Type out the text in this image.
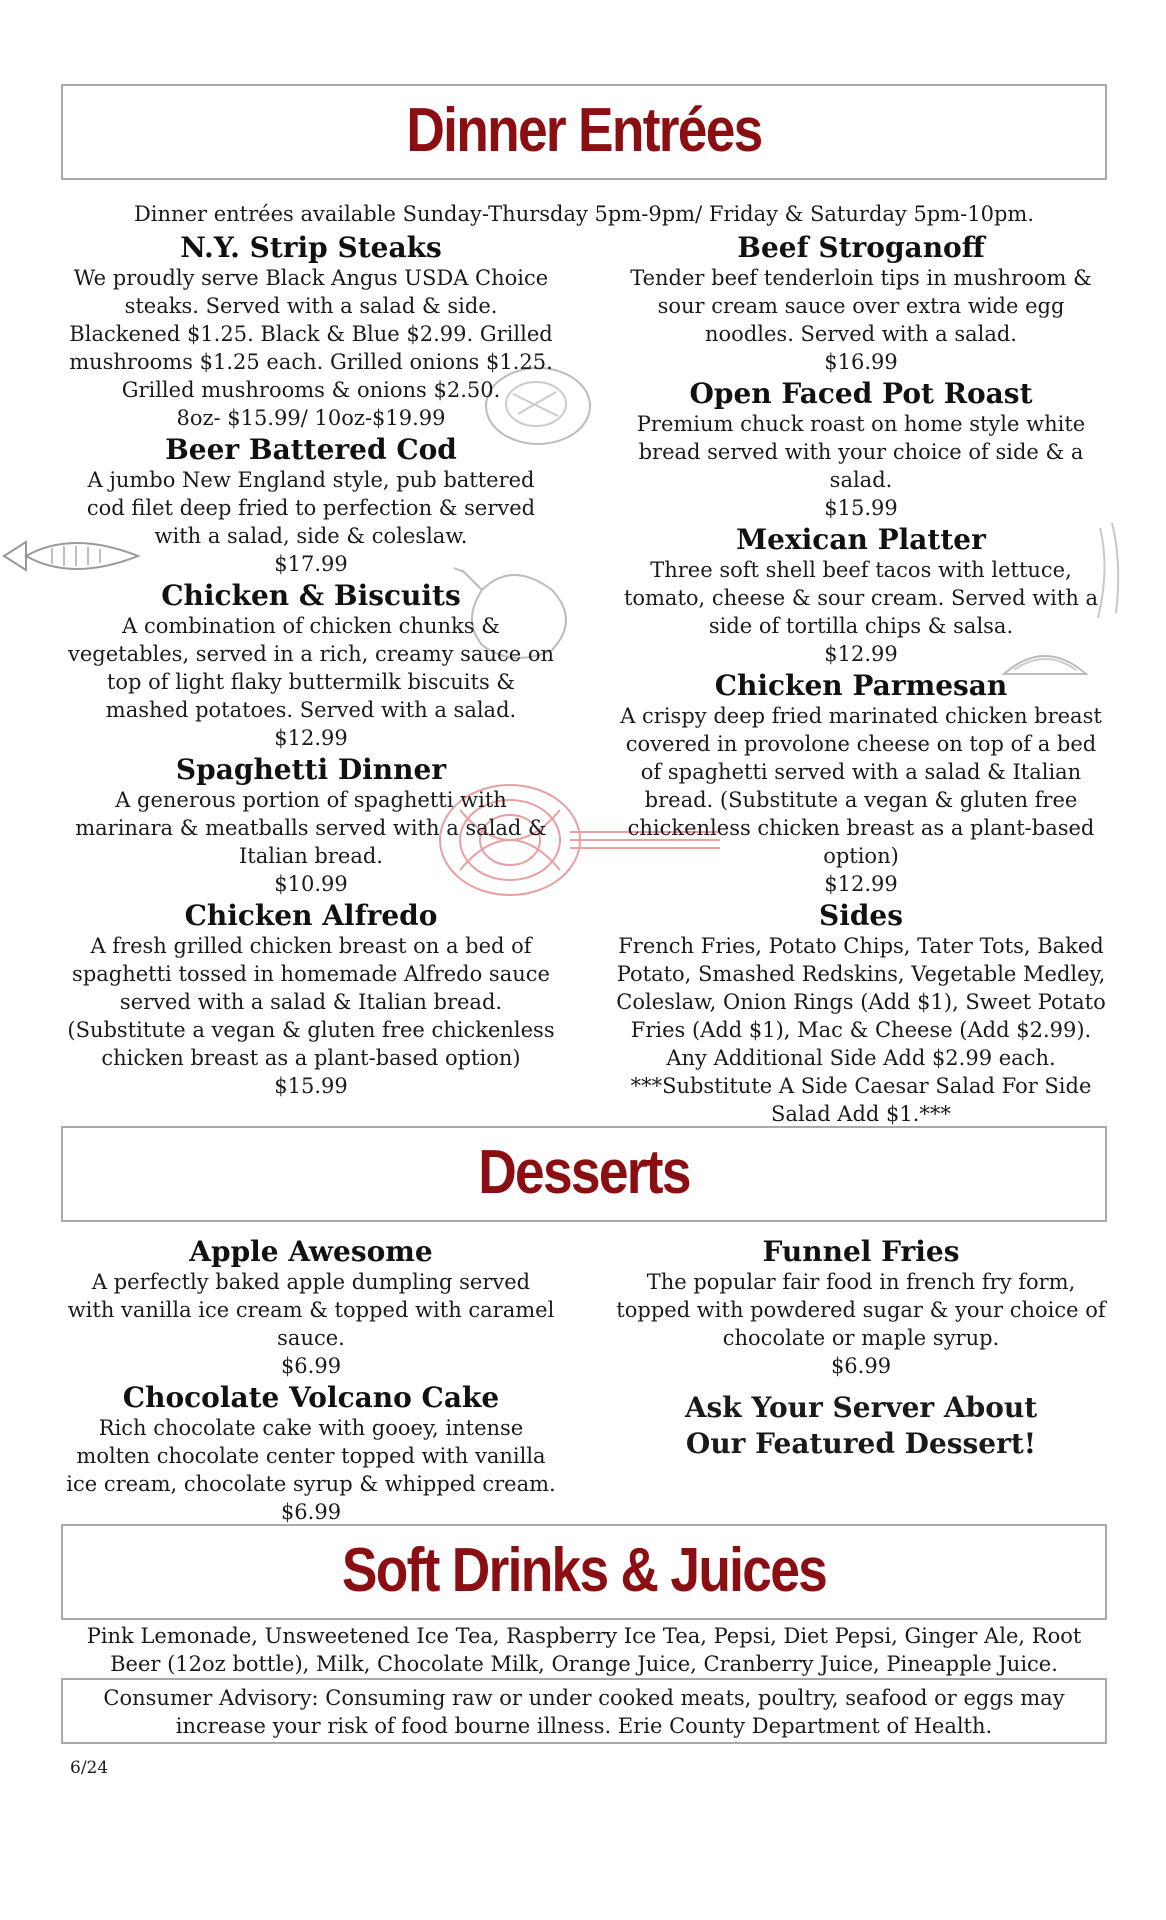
Dinner Entrées
Dinner entrées available Sunday-Thursday 5pm-9pm/ Friday & Saturday 5pm-10pm.
N.Y. Strip Steaks

We proudly serve Black Angus USDA Choice steaks. Served with a salad & side. Blackened $1.25. Black & Blue $2.99. Grilled mushrooms $1.25 each. Grilled onions $1.25. Grilled mushrooms & onions $2.50.

8oz- $15.99/ 10oz-$19.99
Beer Battered Cod

A jumbo New England style, pub battered cod filet deep fried to perfection & served with a salad, side & coleslaw.

$17.99
Chicken & Biscuits

A combination of chicken chunks & vegetables, served in a rich, creamy sauce on top of light flaky buttermilk biscuits & mashed potatoes. Served with a salad.

$12.99
Spaghetti Dinner

A generous portion of spaghetti with marinara & meatballs served with a salad & Italian bread.

$10.99
Chicken Alfredo

A fresh grilled chicken breast on a bed of spaghetti tossed in homemade Alfredo sauce served with a salad & Italian bread. (Substitute a vegan & gluten free chickenless chicken breast as a plant-based option)

$15.99
Beef Stroganoff

Tender beef tenderloin tips in mushroom & sour cream sauce over extra wide egg noodles. Served with a salad.

$16.99
Open Faced Pot Roast

Premium chuck roast on home style white bread served with your choice of side & a salad.

$15.99
Mexican Platter

Three soft shell beef tacos with lettuce, tomato, cheese & sour cream. Served with a side of tortilla chips & salsa.

$12.99
Chicken Parmesan

A crispy deep fried marinated chicken breast covered in provolone cheese on top of a bed of spaghetti served with a salad & Italian bread. (Substitute a vegan & gluten free chickenless chicken breast as a plant-based option)

$12.99
Sides

French Fries, Potato Chips, Tater Tots, Baked Potato, Smashed Redskins, Vegetable Medley, Coleslaw, Onion Rings (Add $1), Sweet Potato Fries (Add $1), Mac & Cheese (Add $2.99). Any Additional Side Add $2.99 each. ***Substitute A Side Caesar Salad For Side Salad Add $1.***

Desserts
Apple Awesome

A perfectly baked apple dumpling served with vanilla ice cream & topped with caramel sauce.

$6.99
Chocolate Volcano Cake

Rich chocolate cake with gooey, intense molten chocolate center topped with vanilla ice cream, chocolate syrup & whipped cream.

$6.99
Funnel Fries

The popular fair food in french fry form, topped with powdered sugar & your choice of chocolate or maple syrup.

$6.99

Ask Your Server About Our Featured Dessert!

Soft Drinks & Juices
Pink Lemonade, Unsweetened Ice Tea, Raspberry Ice Tea, Pepsi, Diet Pepsi, Ginger Ale, Root Beer (12oz bottle), Milk, Chocolate Milk, Orange Juice, Cranberry Juice, Pineapple Juice.
Consumer Advisory: Consuming raw or under cooked meats, poultry, seafood or eggs may increase your risk of food bourne illness. Erie County Department of Health.
6/24
